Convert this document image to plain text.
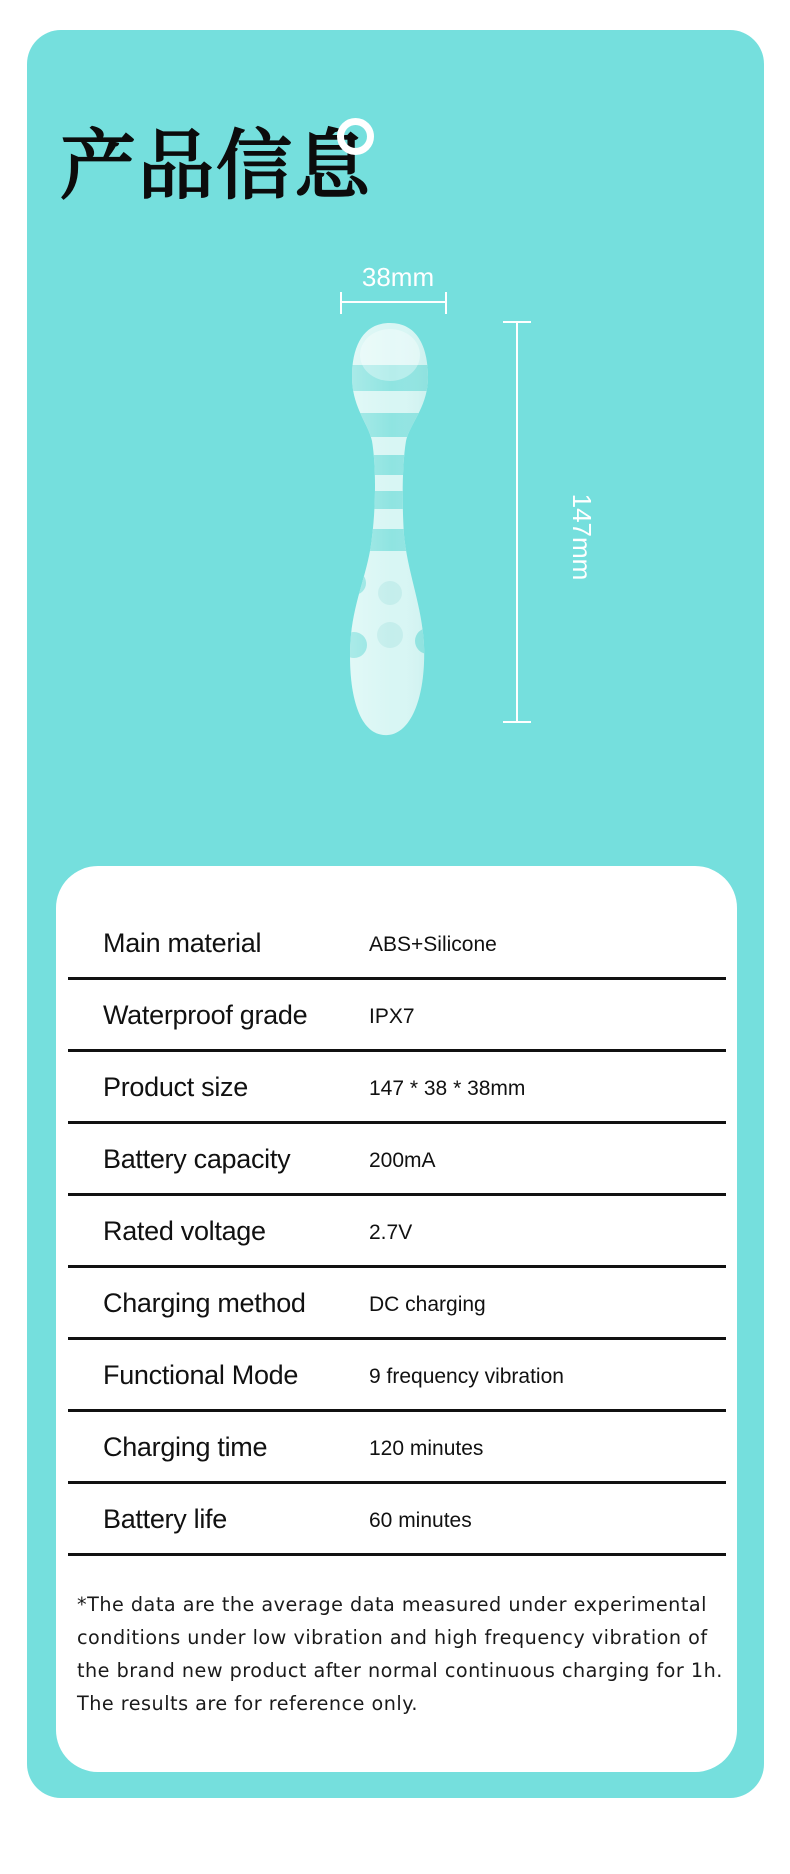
产品信息
38mm
147mm
Main material	ABS+Silicone
Waterproof grade	IPX7
Product size	147 * 38 * 38mm
Battery capacity	200mA
Rated voltage	2.7V
Charging method	DC charging
Functional Mode	9 frequency vibration
Charging time	120 minutes
Battery life	60 minutes

*The data are the average data measured under experimental conditions under low vibration and high frequency vibration of the brand new product after normal continuous charging for 1h. The results are for reference only.
